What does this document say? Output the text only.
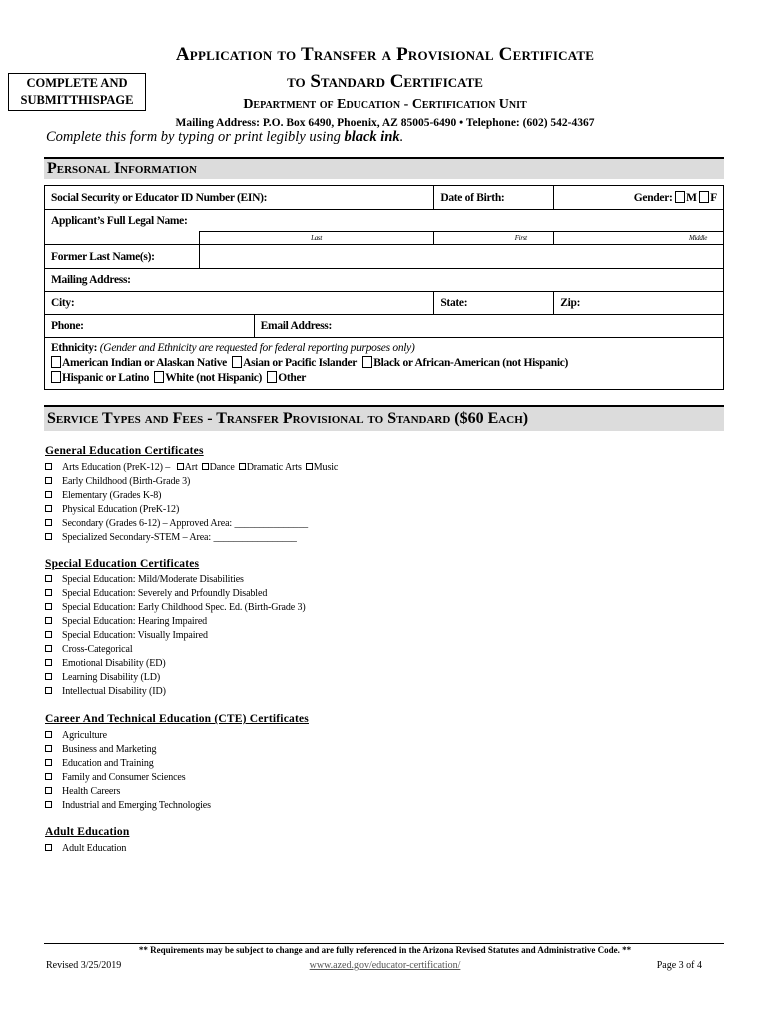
Application to Transfer a Provisional Certificate
COMPLETE AND
SUBMITTHISPAGE
to Standard Certificate
Department of Education - Certification Unit
Mailing Address: P.O. Box 6490, Phoenix, AZ 85005-6490 • Telephone: (602) 542-4367
Complete this form by typing or print legibly using black ink.
Personal Information
Social Security or Educator ID Number (EIN):			Date of Birth:	Gender: M F
Applicant’s Full Legal Name:				
	Last		First	Middle
Former Last Name(s):				
Mailing Address:				
City:			State:	Zip:
Phone:		Email Address:		
Ethnicity: (Gender and Ethnicity are requested for federal reporting purposes only)
American Indian or Alaskan Native Asian or Pacific Islander Black or African-American (not Hispanic)
Hispanic or Latino White (not Hispanic) Other				
Service Types and Fees - Transfer Provisional to Standard ($60 Each)
General Education Certificates
Arts Education (PreK-12) – Art Dance Dramatic Arts Music
Early Childhood (Birth-Grade 3)
Elementary (Grades K-8)
Physical Education (PreK-12)
Secondary (Grades 6-12) – Approved Area: _______________
Specialized Secondary-STEM – Area: _________________
Special Education Certificates
Special Education: Mild/Moderate Disabilities
Special Education: Severely and Prfoundly Disabled
Special Education: Early Childhood Spec. Ed. (Birth-Grade 3)
Special Education: Hearing Impaired
Special Education: Visually Impaired
Cross-Categorical
Emotional Disability (ED)
Learning Disability (LD)
Intellectual Disability (ID)
Career And Technical Education (CTE) Certificates
Agriculture
Business and Marketing
Education and Training
Family and Consumer Sciences
Health Careers
Industrial and Emerging Technologies
Adult Education
Adult Education
** Requirements may be subject to change and are fully referenced in the Arizona Revised Statutes and Administrative Code. **
Revised 3/25/2019	www.azed.gov/educator-certification/	Page 3 of 4
